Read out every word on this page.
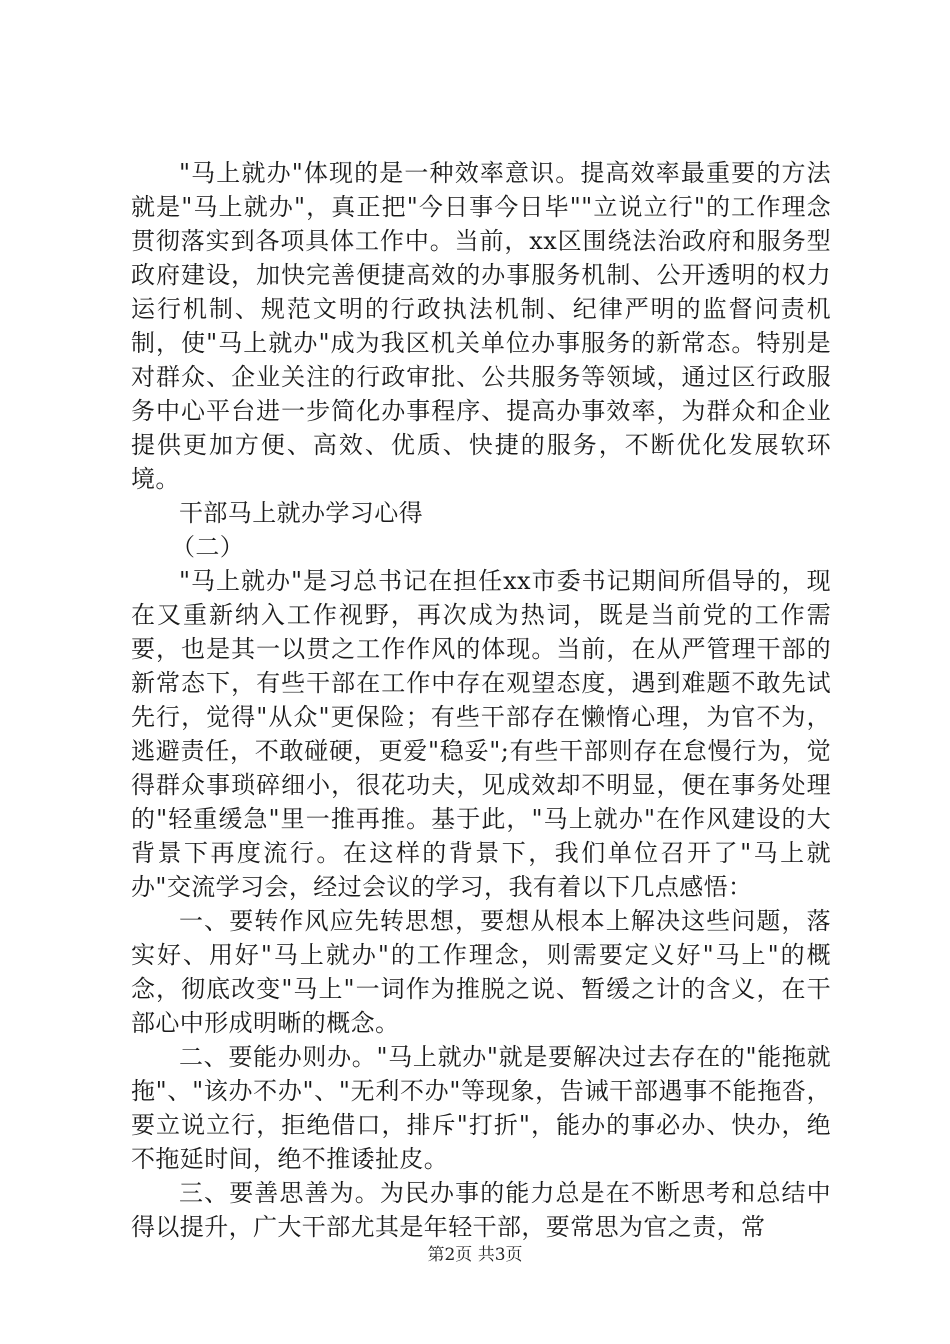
"马上就办"体现的是一种效率意识。提高效率最重要的方法就是"马上就办"，真正把"今日事今日毕""立说立行"的工作理念贯彻落实到各项具体工作中。当前，xx区围绕法治政府和服务型政府建设，加快完善便捷高效的办事服务机制、公开透明的权力运行机制、规范文明的行政执法机制、纪律严明的监督问责机制，使"马上就办"成为我区机关单位办事服务的新常态。特别是对群众、企业关注的行政审批、公共服务等领域，通过区行政服务中心平台进一步简化办事程序、提高办事效率，为群众和企业提供更加方便、高效、优质、快捷的服务，不断优化发展软环境。

干部马上就办学习心得

（二）

"马上就办"是习总书记在担任xx市委书记期间所倡导的，现在又重新纳入工作视野，再次成为热词，既是当前党的工作需要，也是其一以贯之工作作风的体现。当前，在从严管理干部的新常态下，有些干部在工作中存在观望态度，遇到难题不敢先试先行，觉得"从众"更保险；有些干部存在懒惰心理，为官不为，逃避责任，不敢碰硬，更爱"稳妥";有些干部则存在怠慢行为，觉得群众事琐碎细小，很花功夫，见成效却不明显，便在事务处理的"轻重缓急"里一推再推。基于此，"马上就办"在作风建设的大背景下再度流行。在这样的背景下，我们单位召开了"马上就办"交流学习会，经过会议的学习，我有着以下几点感悟：

一、要转作风应先转思想，要想从根本上解决这些问题，落实好、用好"马上就办"的工作理念，则需要定义好"马上"的概念，彻底改变"马上"一词作为推脱之说、暂缓之计的含义，在干部心中形成明晰的概念。

二、要能办则办。"马上就办"就是要解决过去存在的"能拖就拖"、"该办不办"、"无利不办"等现象，告诫干部遇事不能拖沓，要立说立行，拒绝借口，排斥"打折"，能办的事必办、快办，绝不拖延时间，绝不推诿扯皮。

三、要善思善为。为民办事的能力总是在不断思考和总结中得以提升，广大干部尤其是年轻干部，要常思为官之责，常

第2页 共3页
